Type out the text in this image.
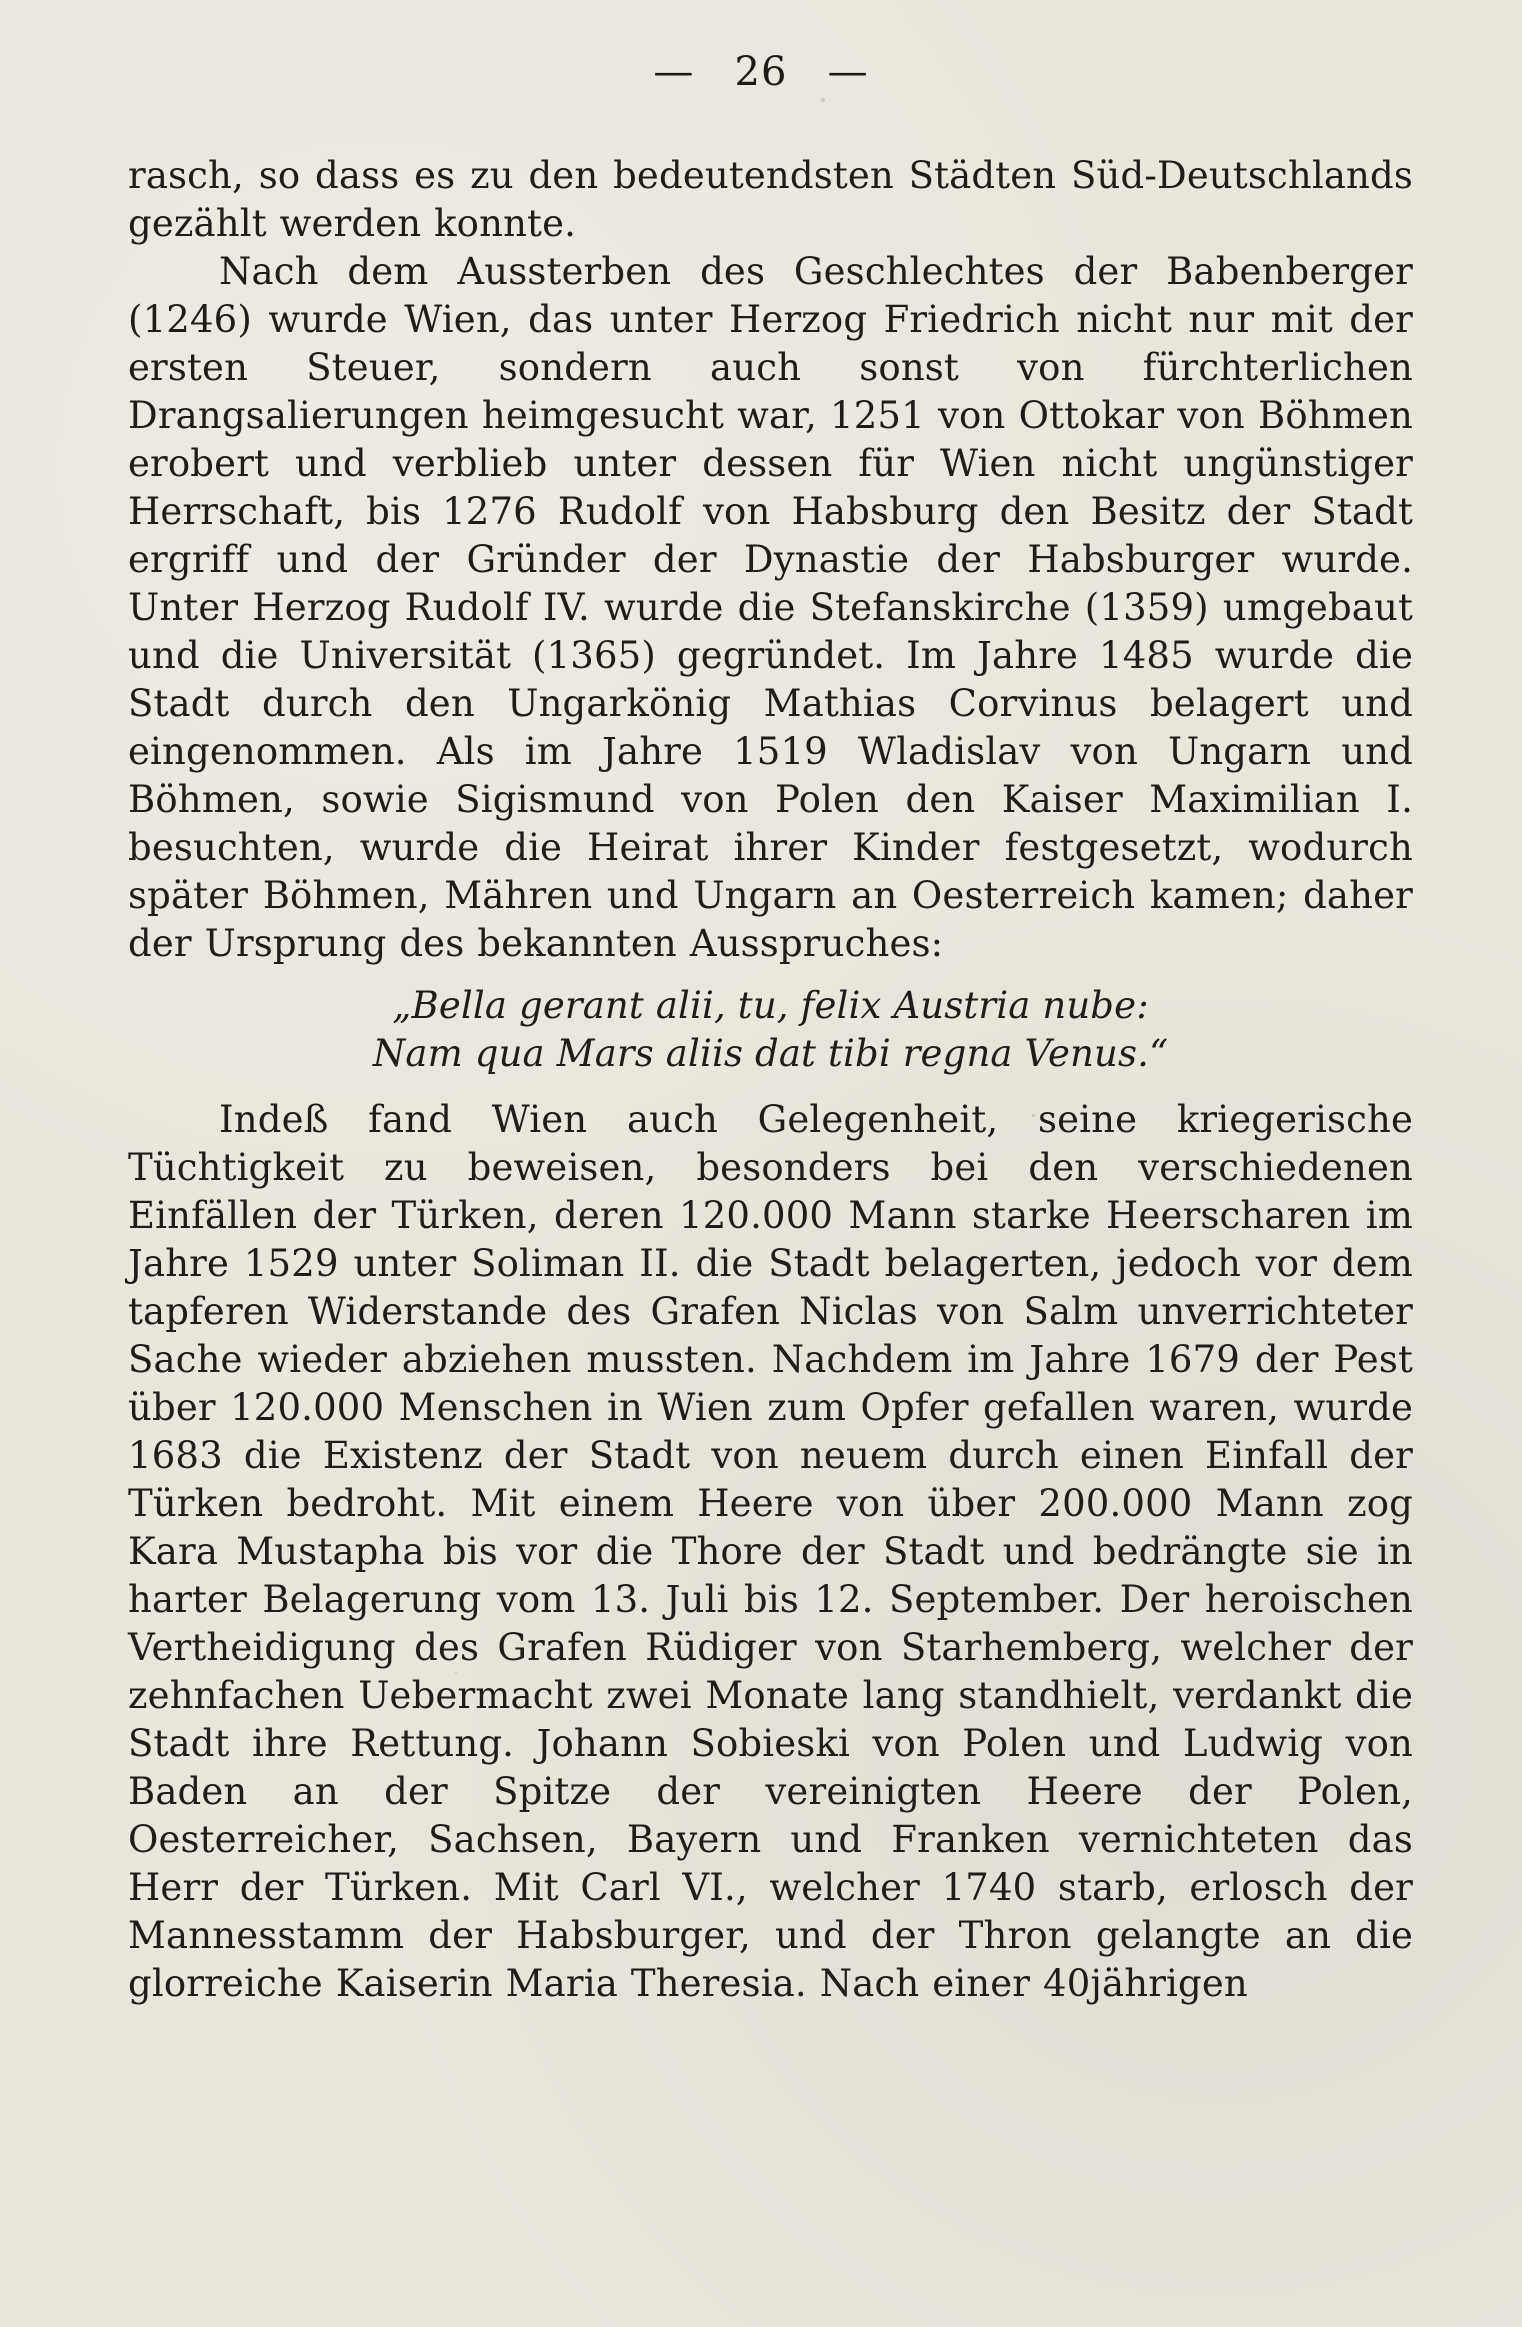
— 26 —

rasch, so dass es zu den bedeutendsten Städten Süd-Deutschlands gezählt werden konnte.

Nach dem Aussterben des Geschlechtes der Babenberger (1246) wurde Wien, das unter Herzog Friedrich nicht nur mit der ersten Steuer, sondern auch sonst von fürchterlichen Drangsalierungen heimgesucht war, 1251 von Ottokar von Böhmen erobert und verblieb unter dessen für Wien nicht ungünstiger Herrschaft, bis 1276 Rudolf von Habsburg den Besitz der Stadt ergriff und der Gründer der Dynastie der Habsburger wurde. Unter Herzog Rudolf IV. wurde die Stefanskirche (1359) umgebaut und die Universität (1365) gegründet. Im Jahre 1485 wurde die Stadt durch den Ungarkönig Mathias Corvinus belagert und eingenommen. Als im Jahre 1519 Wladislav von Ungarn und Böhmen, sowie Sigismund von Polen den Kaiser Maximilian I. besuchten, wurde die Heirat ihrer Kinder festgesetzt, wodurch später Böhmen, Mähren und Ungarn an Oesterreich kamen; daher der Ursprung des bekannten Ausspruches:

„Bella gerant alii, tu, felix Austria nube:
Nam qua Mars aliis dat tibi regna Venus.“

Indeß fand Wien auch Gelegenheit, seine kriegerische Tüchtigkeit zu beweisen, besonders bei den verschiedenen Einfällen der Türken, deren 120.000 Mann starke Heerscharen im Jahre 1529 unter Soliman II. die Stadt belagerten, jedoch vor dem tapferen Widerstande des Grafen Niclas von Salm unverrichteter Sache wieder abziehen mussten. Nachdem im Jahre 1679 der Pest über 120.000 Menschen in Wien zum Opfer gefallen waren, wurde 1683 die Existenz der Stadt von neuem durch einen Einfall der Türken bedroht. Mit einem Heere von über 200.000 Mann zog Kara Mustapha bis vor die Thore der Stadt und bedrängte sie in harter Belagerung vom 13. Juli bis 12. September. Der heroischen Vertheidigung des Grafen Rüdiger von Starhemberg, welcher der zehnfachen Uebermacht zwei Monate lang standhielt, verdankt die Stadt ihre Rettung. Johann Sobieski von Polen und Ludwig von Baden an der Spitze der vereinigten Heere der Polen, Oesterreicher, Sachsen, Bayern und Franken vernichteten das Herr der Türken. Mit Carl VI., welcher 1740 starb, erlosch der Mannesstamm der Habsburger, und der Thron gelangte an die glorreiche Kaiserin Maria Theresia. Nach einer 40jährigen
